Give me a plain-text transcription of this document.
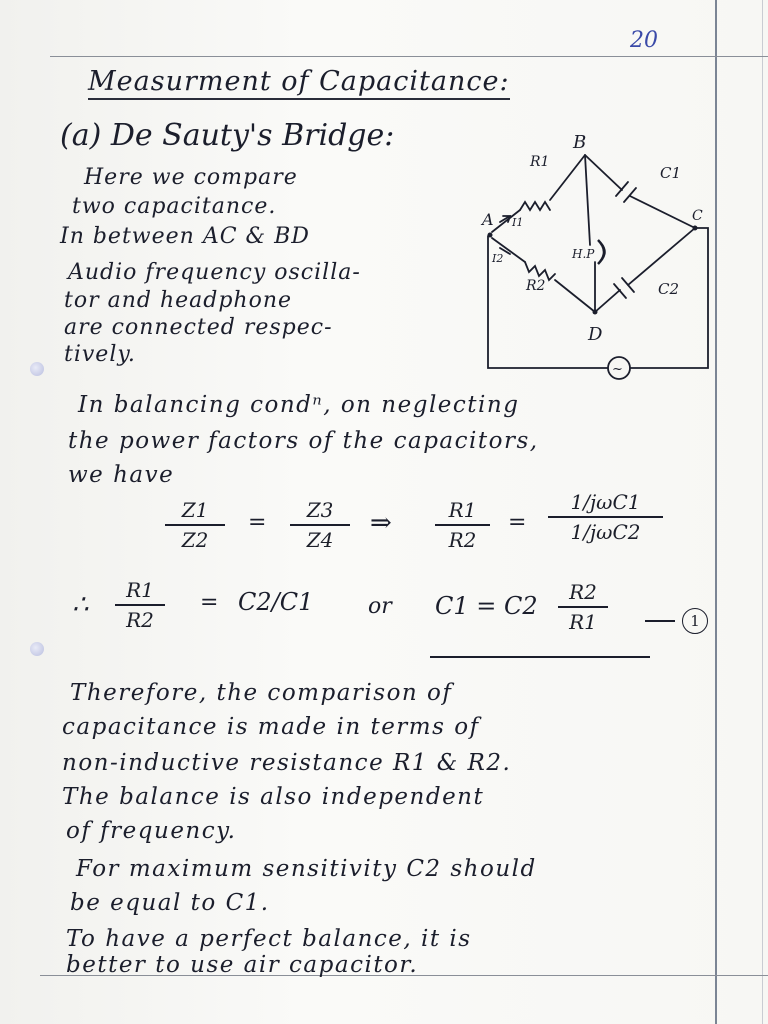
20
Measurment of Capacitance:
(a) De Sauty's Bridge:
Here we compare
two capacitance.
In between AC & BD
Audio frequency oscilla-
tor and headphone
are connected respec-
tively.
B
A	C
D
R1
R2
C1
C2
H.P
I1
I2
~
In balancing condⁿ, on neglecting
the power factors of the capacitors,
we have
Z1
Z2
=	Z3
Z4
⇒	R1
R2
=
1/jωC1
1/jωC2
∴	R1
R2
= C2/C1 or C1 = C2	R2
R1	1
Therefore, the comparison of
capacitance is made in terms of
non-inductive resistance R1 & R2.
The balance is also independent
of frequency.
For maximum sensitivity C2 should
be equal to C1.
To have a perfect balance, it is
better to use air capacitor.
